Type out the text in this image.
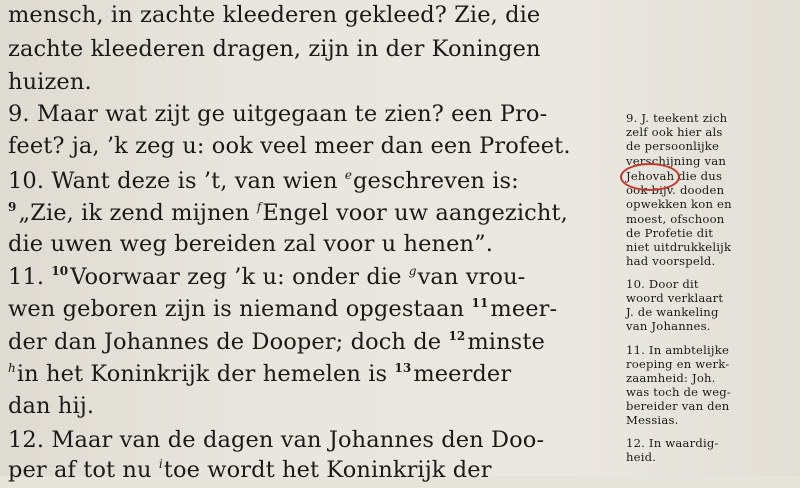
mensch, in zachte kleederen gekleed? Zie, die
zachte kleederen dragen, zijn in der Koningen
huizen.
9. Maar wat zijt ge uitgegaan te zien? een Pro-
feet? ja, ’k zeg u: ook veel meer dan een Profeet.
10. Want deze is ’t, van wien $^e$geschreven is:
$^9$„Zie, ik zend mijnen $^f$Engel voor uw aangezicht,
die uwen weg bereiden zal voor u henen”.
11. $^{10}$Voorwaar zeg ’k u: onder die $^g$van vrou-
wen geboren zijn is niemand opgestaan $^{11}$meer-
der dan Johannes de Dooper; doch de $^{12}$minste
$^h$in het Koninkrijk der hemelen is $^{13}$meerder
dan hij.
12. Maar van de dagen van Johannes den Doo-
per af tot nu $^i$toe wordt het Koninkrijk der
9. J. teekent zich
zelf ook hier als
de persoonlijke
verschijning van
Jehovah die dus
ook bijv. dooden
opwekken kon en
moest, ofschoon
de Profetie dit
niet uitdrukkelijk
had voorspeld.
10. Door dit
woord verklaart
J. de wankeling
van Johannes.
11. In ambtelijke
roeping en werk-
zaamheid: Joh.
was toch de weg-
bereider van den
Messias.
12. In waardig-
heid.
